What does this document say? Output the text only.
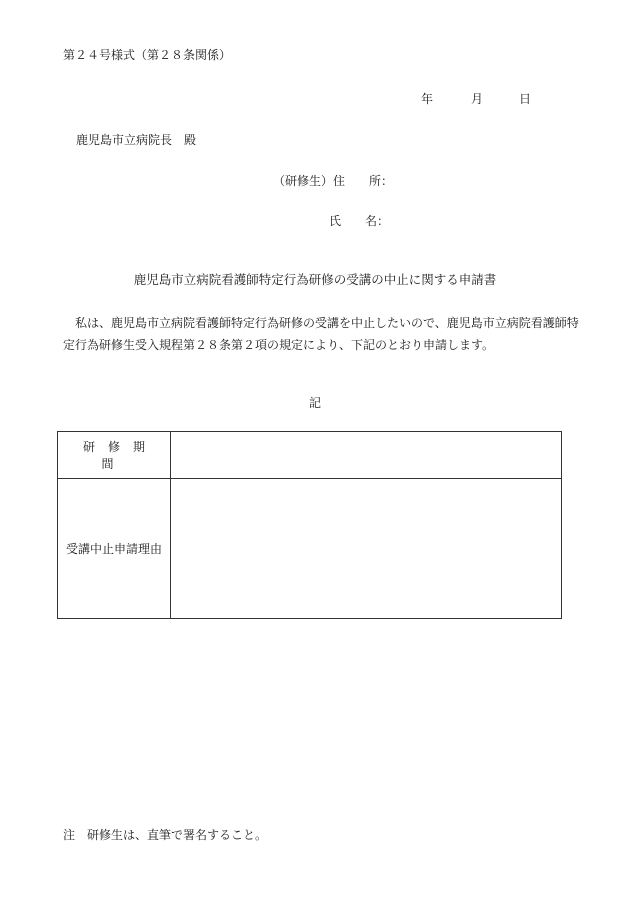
第２４号様式（第２８条関係）
年	月	日
鹿児島市立病院長　殿
（研修生）住　　所：
氏　　名：
鹿児島市立病院看護師特定行為研修の受講の中止に関する申請書
　私は、鹿児島市立病院看護師特定行為研修の受講を中止したいので、鹿児島市立病院看護師特定行為研修生受入規程第２８条第２項の規定により、下記のとおり申請します。
記
研修期間	
受講中止申請理由	
注　研修生は、直筆で署名すること。
